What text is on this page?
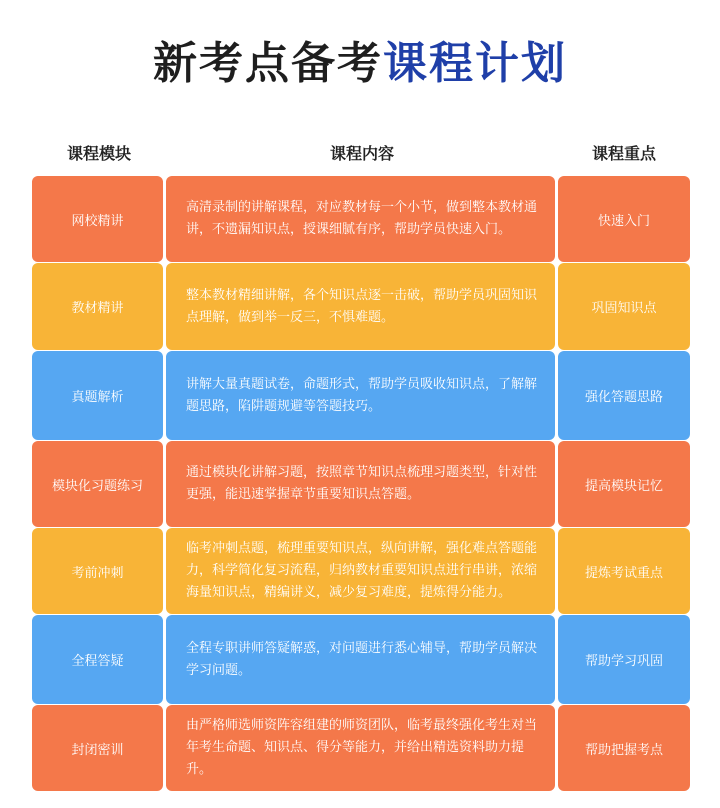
新考点备考课程计划
课程模块	课程内容	课程重点
网校精讲
高清录制的讲解课程，对应教材每一个小节，做到整本教材通讲，不遗漏知识点，授课细腻有序，帮助学员快速入门。
快速入门
教材精讲
整本教材精细讲解，各个知识点逐一击破，帮助学员巩固知识点理解，做到举一反三，不惧难题。
巩固知识点
真题解析
讲解大量真题试卷，命题形式，帮助学员吸收知识点，了解解题思路，陷阱题规避等答题技巧。
强化答题思路
模块化习题练习
通过模块化讲解习题，按照章节知识点梳理习题类型，针对性更强，能迅速掌握章节重要知识点答题。
提高模块记忆
考前冲刺
临考冲刺点题，梳理重要知识点，纵向讲解，强化难点答题能力，科学简化复习流程，归纳教材重要知识点进行串讲，浓缩海量知识点，精编讲义，减少复习难度，提炼得分能力。
提炼考试重点
全程答疑
全程专职讲师答疑解惑，对问题进行悉心辅导，帮助学员解决学习问题。
帮助学习巩固
封闭密训
由严格师选师资阵容组建的师资团队，临考最终强化考生对当年考生命题、知识点、得分等能力，并给出精选资料助力提升。
帮助把握考点
